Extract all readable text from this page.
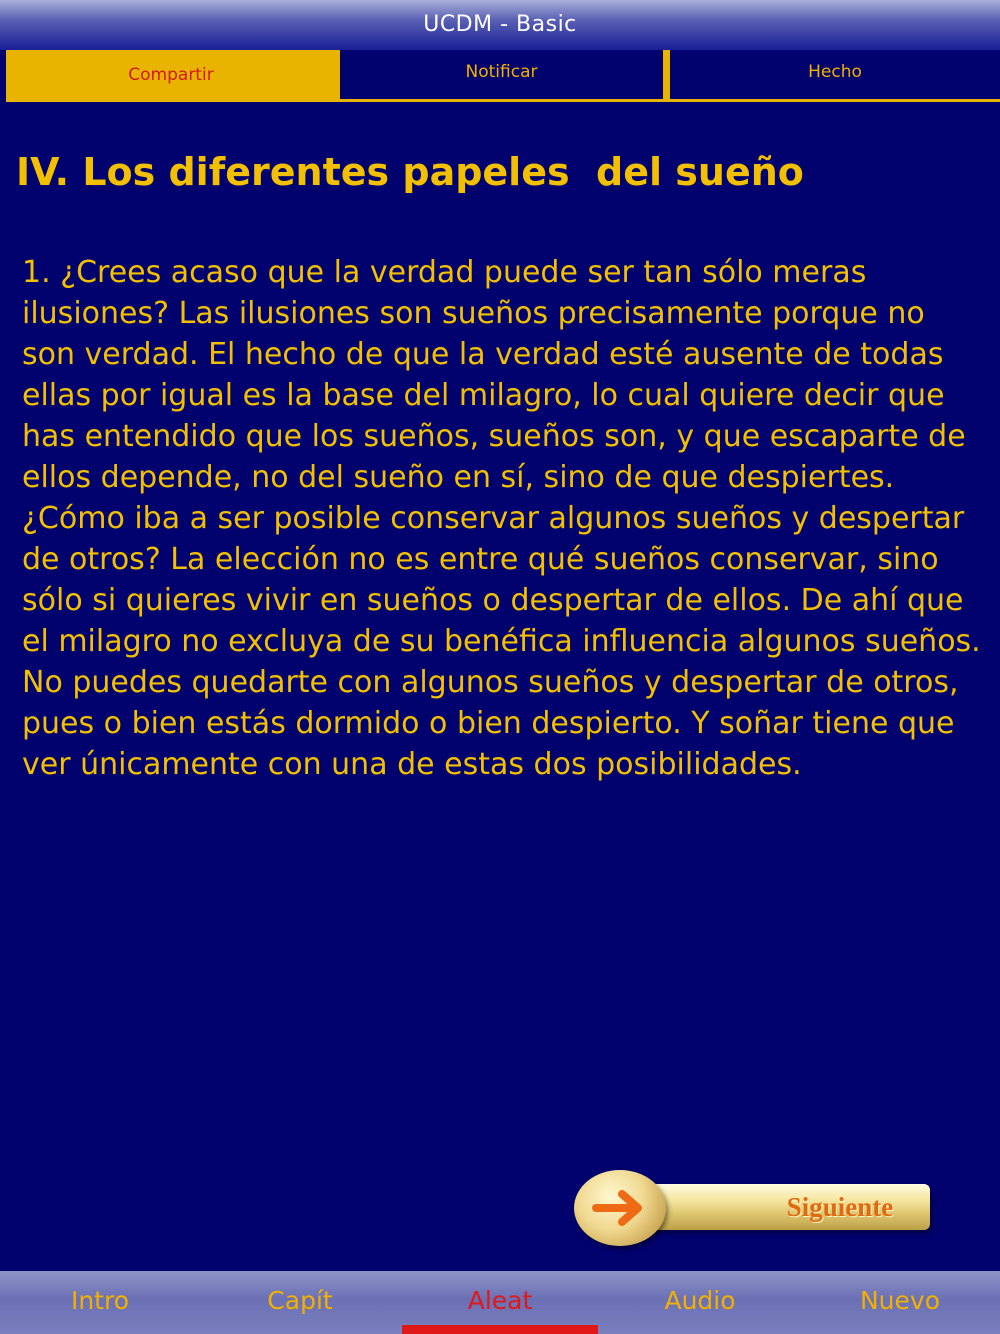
UCDM - Basic
Compartir	Notificar	Hecho
IV. Los diferentes papeles  del sueño
1. ¿Crees acaso que la verdad puede ser tan sólo meras ilusiones? Las ilusiones son sueños precisamente porque no son verdad. El hecho de que la verdad esté ausente de todas ellas por igual es la base del milagro, lo cual quiere decir que has entendido que los sueños, sueños son, y que escaparte de ellos depende, no del sueño en sí, sino de que despiertes. ¿Cómo iba a ser posible conservar algunos sueños y despertar de otros? La elección no es entre qué sueños conservar, sino sólo si quieres vivir en sueños o despertar de ellos. De ahí que el milagro no excluya de su benéfica influencia algunos sueños. No puedes quedarte con algunos sueños y despertar de otros, pues o bien estás dormido o bien despierto. Y soñar tiene que ver únicamente con una de estas dos posibilidades.
Siguiente
Intro	Capít	Aleat	Audio	Nuevo
